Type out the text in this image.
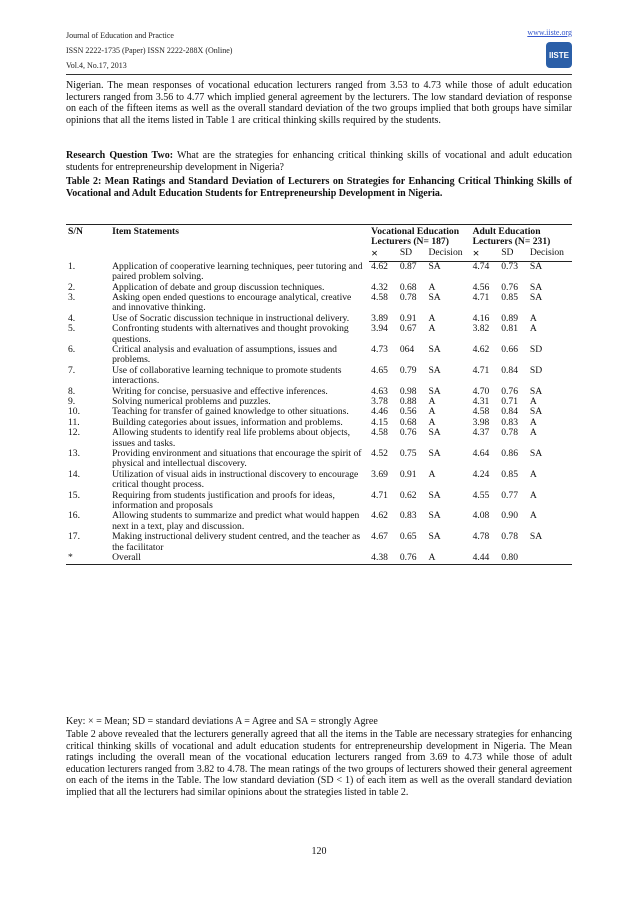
Journal of Education and Practice
ISSN 2222-1735 (Paper) ISSN 2222-288X (Online)
Vol.4, No.17, 2013
www.iiste.org
IISTE
Nigerian. The mean responses of vocational education lecturers ranged from 3.53 to 4.73 while those of adult education lecturers ranged from 3.56 to 4.77 which implied general agreement by the lecturers. The low standard deviation of response on each of the fifteen items as well as the overall standard deviation of the two groups implied that both groups have similar opinions that all the items listed in Table 1 are critical thinking skills required by the students.
Research Question Two: What are the strategies for enhancing critical thinking skills of vocational and adult education students for entrepreneurship development in Nigeria?
Table 2: Mean Ratings and Standard Deviation of Lecturers on Strategies for Enhancing Critical Thinking Skills of Vocational and Adult Education Students for Entrepreneurship Development in Nigeria.
S/N	Item Statements	Vocational Education Lecturers (N= 187)			Adult Education Lecturers (N= 231)		
		×	SD	Decision	×	SD	Decision

1.	Application of cooperative learning techniques, peer tutoring and paired problem solving.	4.62	0.87	SA	4.74	0.73	SA
2.	Application of debate and group discussion techniques.	4.32	0.68	A	4.56	0.76	SA
3.	Asking open ended questions to encourage analytical, creative and innovative thinking.	4.58	0.78	SA	4.71	0.85	SA
4.	Use of Socratic discussion technique in instructional delivery.	3.89	0.91	A	4.16	0.89	A
5.	Confronting students with alternatives and thought provoking questions.	3.94	0.67	A	3.82	0.81	A
6.	Critical analysis and evaluation of assumptions, issues and problems.	4.73	064	SA	4.62	0.66	SD
7.	Use of collaborative learning technique to promote students interactions.	4.65	0.79	SA	4.71	0.84	SD
8.	Writing for concise, persuasive and effective inferences.	4.63	0.98	SA	4.70	0.76	SA
9.	Solving numerical problems and puzzles.	3.78	0.88	A	4.31	0.71	A
10.	Teaching for transfer of gained knowledge to other situations.	4.46	0.56	A	4.58	0.84	SA
11.	Building categories about issues, information and problems.	4.15	0.68	A	3.98	0.83	A
12.	Allowing students to identify real life problems about objects, issues and tasks.	4.58	0.76	SA	4.37	0.78	A
13.	Providing environment and situations that encourage the spirit of physical and intellectual discovery.	4.52	0.75	SA	4.64	0.86	SA
14.	Utilization of visual aids in instructional discovery to encourage critical thought process.	3.69	0.91	A	4.24	0.85	A
15.	Requiring from students justification and proofs for ideas, information and proposals	4.71	0.62	SA	4.55	0.77	A
16.	Allowing students to summarize and predict what would happen next in a text, play and discussion.	4.62	0.83	SA	4.08	0.90	A
17.	Making instructional delivery student centred, and the teacher as the facilitator	4.67	0.65	SA	4.78	0.78	SA
*	Overall	4.38	0.76	A	4.44	0.80	
Key: × = Mean; SD = standard deviations A = Agree and SA = strongly Agree
Table 2 above revealed that the lecturers generally agreed that all the items in the Table are necessary strategies for enhancing critical thinking skills of vocational and adult education students for entrepreneurship development in Nigeria. The Mean ratings including the overall mean of the vocational education lecturers ranged from 3.69 to 4.73 while those of adult education lecturers ranged from 3.82 to 4.78. The mean ratings of the two groups of lecturers showed their general agreement on each of the items in the Table. The low standard deviation (SD < 1) of each item as well as the overall standard deviation implied that all the lecturers had similar opinions about the strategies listed in table 2.
120
